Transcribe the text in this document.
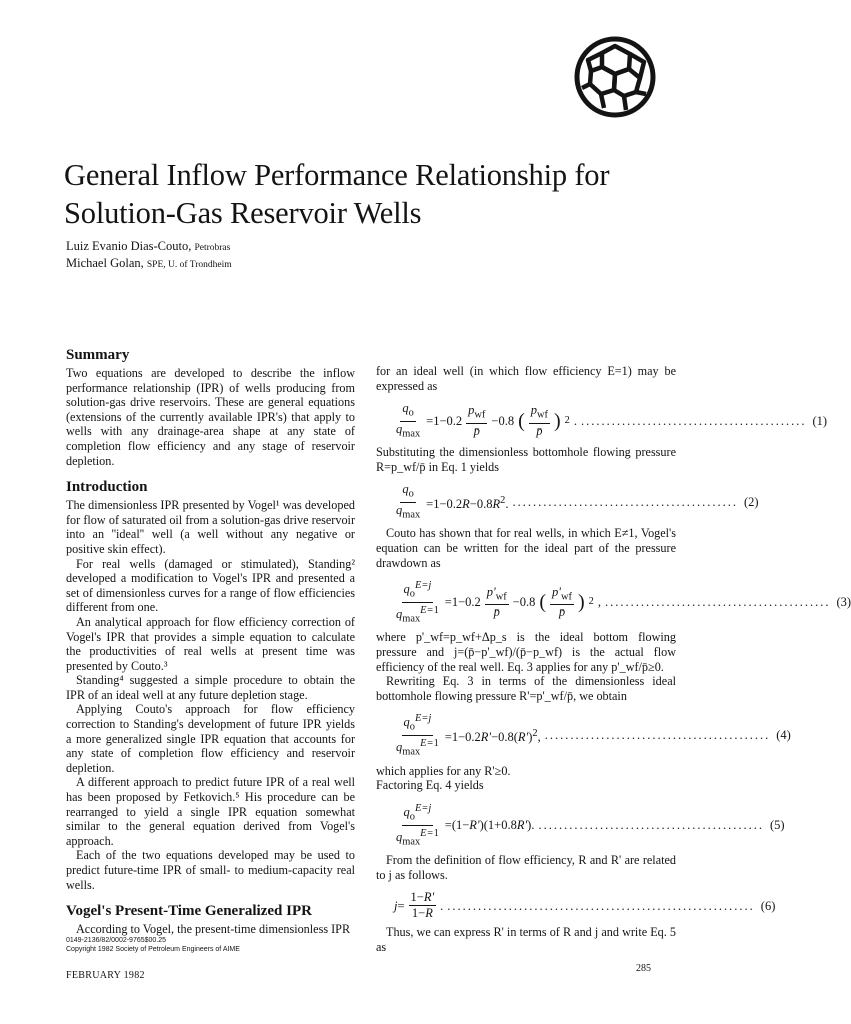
General Inflow Performance Relationship for Solution-Gas Reservoir Wells
Luiz Evanio Dias-Couto, Petrobras
Michael Golan, SPE, U. of Trondheim
Summary

Two equations are developed to describe the inflow performance relationship (IPR) of wells producing from solution-gas drive reservoirs. These are general equations (extensions of the currently available IPR's) that apply to wells with any drainage-area shape at any state of completion flow efficiency and any stage of reservoir depletion.

Introduction

The dimensionless IPR presented by Vogel¹ was developed for flow of saturated oil from a solution-gas drive reservoir into an ''ideal'' well (a well without any negative or positive skin effect).

For real wells (damaged or stimulated), Standing² developed a modification to Vogel's IPR and presented a set of dimensionless curves for a range of flow efficiencies different from one.

An analytical approach for flow efficiency correction of Vogel's IPR that provides a simple equation to calculate the productivities of real wells at present time was presented by Couto.³

Standing⁴ suggested a simple procedure to obtain the IPR of an ideal well at any future depletion stage.

Applying Couto's approach for flow efficiency correction to Standing's development of future IPR yields a more generalized single IPR equation that accounts for any state of completion flow efficiency and reservoir depletion.

A different approach to predict future IPR of a real well has been proposed by Fetkovich.⁵ His procedure can be rearranged to yield a single IPR equation somewhat similar to the general equation derived from Vogel's approach.

Each of the two equations developed may be used to predict future-time IPR of small- to medium-capacity real wells.

Vogel's Present-Time Generalized IPR

According to Vogel, the present-time dimensionless IPR

for an ideal well (in which flow efficiency E=1) may be expressed as

$\frac{q_o}{q_{max}} =1-0.2 \frac{p_{wf}}{p̄} -0.8$ ( $\frac{p_{wf}}{p̄}$ ) 2 . ............................................ (1)

Substituting the dimensionless bottomhole flowing pressure R=p_wf/p̄ in Eq. 1 yields

$\frac{q_o}{q_{max}} =1-0.2R-0.8R^2$. ............................................ (2)

Couto has shown that for real wells, in which E≠1, Vogel's equation can be written for the ideal part of the pressure drawdown as

$\frac{q_o^{E=j}}{q_{max}^{E=1}} =1-0.2 \frac{p'_{wf}}{p̄} -0.8$ ( $\frac{p'_{wf}}{p̄}$ ) 2 , ............................................ (3)

where p'_wf=p_wf+Δp_s is the ideal bottom flowing pressure and j=(p̄−p'_wf)/(p̄−p_wf) is the actual flow efficiency of the real well. Eq. 3 applies for any p'_wf/p̄≥0.

Rewriting Eq. 3 in terms of the dimensionless ideal bottomhole flowing pressure R'=p'_wf/p̄, we obtain

$\frac{q_o^{E=j}}{q_{max}^{E=1}} =1-0.2R'-0.8(R')^2$, ............................................ (4)

which applies for any R'≥0.

Factoring Eq. 4 yields

$\frac{q_o^{E=j}}{q_{max}^{E=1}} =(1-R')(1+0.8R')$. ............................................ (5)

From the definition of flow efficiency, R and R' are related to j as follows.

$j= \frac{1-R'}{1-R}$ . ............................................................ (6)

Thus, we can express R' in terms of R and j and write Eq. 5 as

0149-2136/82/0002-9765$00.25
Copyright 1982 Society of Petroleum Engineers of AIME
FEBRUARY 1982
285
